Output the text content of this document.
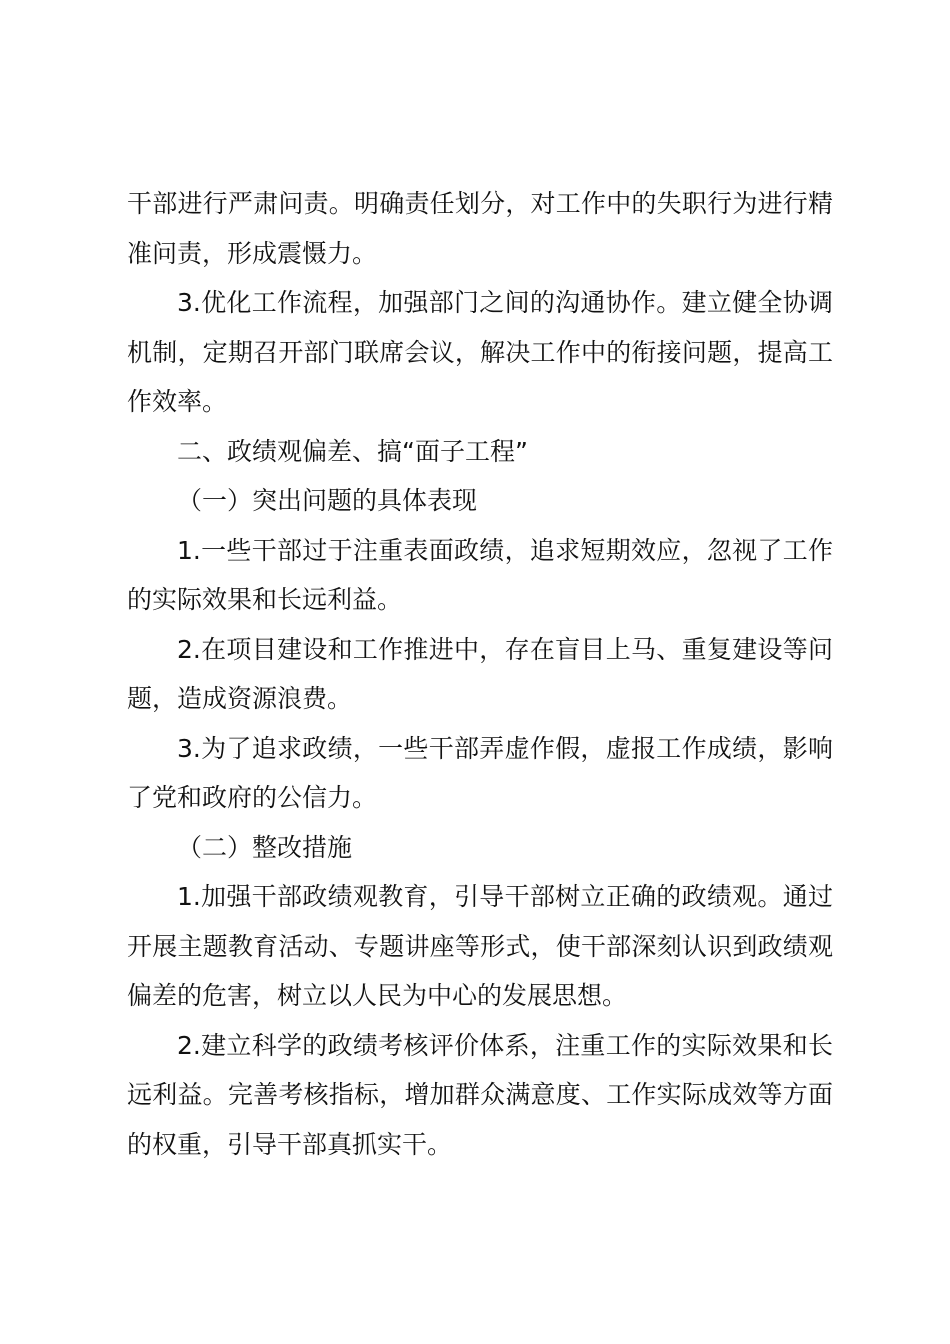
干部进行严肃问责。明确责任划分，对工作中的失职行为进行精准问责，形成震慑力。

3.优化工作流程，加强部门之间的沟通协作。建立健全协调机制，定期召开部门联席会议，解决工作中的衔接问题，提高工作效率。

二、政绩观偏差、搞“面子工程”

（一）突出问题的具体表现

1.一些干部过于注重表面政绩，追求短期效应，忽视了工作的实际效果和长远利益。

2.在项目建设和工作推进中，存在盲目上马、重复建设等问题，造成资源浪费。

3.为了追求政绩，一些干部弄虚作假，虚报工作成绩，影响了党和政府的公信力。

（二）整改措施

1.加强干部政绩观教育，引导干部树立正确的政绩观。通过开展主题教育活动、专题讲座等形式，使干部深刻认识到政绩观偏差的危害，树立以人民为中心的发展思想。

2.建立科学的政绩考核评价体系，注重工作的实际效果和长远利益。完善考核指标，增加群众满意度、工作实际成效等方面的权重，引导干部真抓实干。
